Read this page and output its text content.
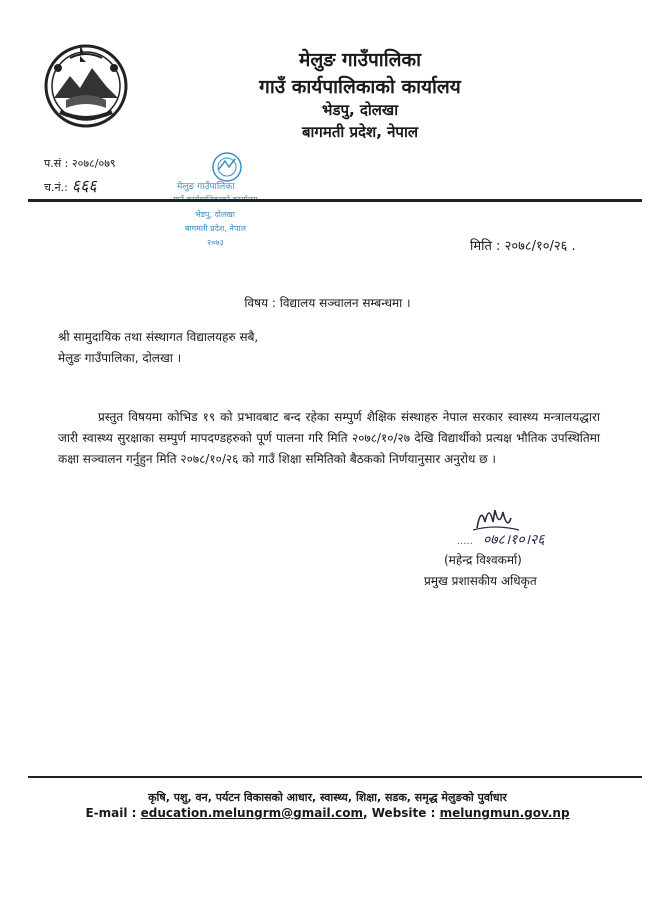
मेलुङ गाउँपालिका
गाउँ कार्यपालिकाको कार्यालय
भेडपु, दोलखा
बागमती प्रदेश, नेपाल
प.सं : २०७८/०७९
च.नं.: ६६६	मेलुङ गाउँपालिका
भेडपु, दोलखा
बागमती प्रदेश, नेपाल
२०७३	मिति : २०७८/१०/२६ .
विषय : विद्यालय सञ्चालन सम्बन्धमा ।
श्री सामुदायिक तथा संस्थागत विद्यालयहरु सबै,
मेलुङ गाउँपालिका, दोलखा ।
प्रस्तुत विषयमा कोभिड १९ को प्रभावबाट बन्द रहेका सम्पुर्ण शैक्षिक संस्थाहरु नेपाल सरकार स्वास्थ्य मन्त्रालयद्धारा जारी स्वास्थ्य सुरक्षाका सम्पुर्ण मापदण्डहरुको पूर्ण पालना गरि मिति २०७८/१०/२७ देखि विद्यार्थीको प्रत्यक्ष भौतिक उपस्थितिमा कक्षा सञ्चालन गर्नुहुन मिति २०७८/१०/२६ को गाउँ शिक्षा समितिको बैठकको निर्णयानुसार अनुरोध छ ।
..... ०७८।१०।२६
(महेन्द्र विश्वकर्मा)
प्रमुख प्रशासकीय अधिकृत
कृषि, पशु, वन, पर्यटन विकासको आधार, स्वास्थ्य, शिक्षा, सडक, समृद्ध मेलुङको पुर्वाधार
E-mail : education.melungrm@gmail.com, Website : melungmun.gov.np
